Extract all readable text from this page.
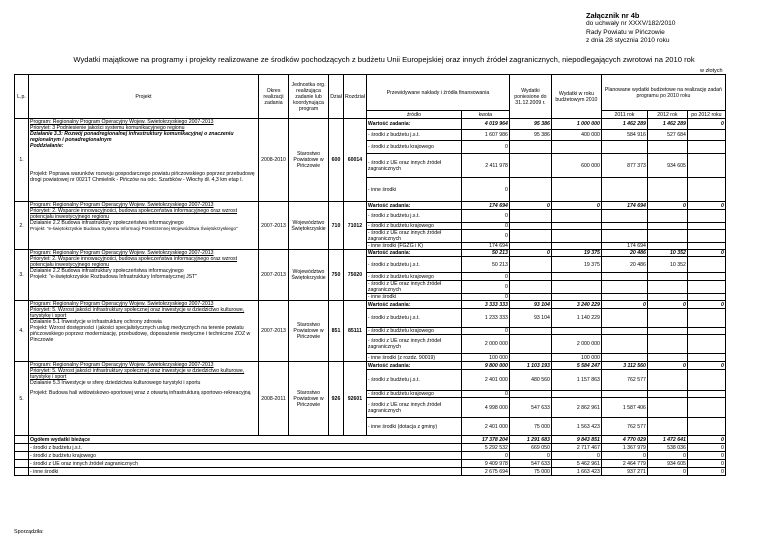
Załącznik nr 4b
do uchwały nr XXXV/182/2010
Rady Powiatu w Pińczowie
z dnia 28 stycznia 2010 roku
Wydatki majątkowe na programy i projekty realizowane ze środków pochodzących z budżetu Unii Europejskiej oraz innych źródeł zagranicznych, niepodlegających zwrotowi na 2010 rok
w złotych
L.p.	Projekt	Okres realizacji zadania	Jednostka org. realizująca zadanie lub koordynująca program	Dział	Rozdział	Przewidywane nakłady i źródła finansowania		Wydatki poniesione do 31.12.2009 r.	Wydatki w roku budżetowym 2010	Planowane wydatki budżetowe na realizację zadań programu po 2010 roku		
						źródło	kwota			2011 rok	2012 rok	po 2012 roku
1.	Program: Regionalny Program Operacyjny Wojew. Świetokrzyskiego 2007-2013
Priorytet: 3 Podniesienie jakości systemu komunikacyjnego regionu
Działanie 3.3: Rozwój ponadregionalnej infrastruktury komunikacyjnej o znaczeniu regionalnym i ponadregionalnym
Poddziałanie:
Projekt: Poprawa warunków rozwoju gospodarczego powiatu pińczowskiego poprzez przebudowę drogi powiatowej nr 0021T Chmielnik - Pińczów na odc. Szarbków - Włochy dł. 4,3 km etap I.	2008-2010	Starostwo Powiatowe w Pińczowie	600	60014	Wartość zadania:	4 019 964	95 386	1 000 000	1 462 289	1 462 289	0
						- środki z budżetu j.s.t.	1 607 986	95 386	400 000	584 916	527 684	
						- środki z budżetu krajowego	0					
						- środki z UE oraz innych źródeł zagranicznych	2 411 978		600 000	877 373	934 605	
						- inne środki	0					
2.	Program: Regionalny Program Operacyjny Wojew. Świetokrzyskiego 2007-2013
Priorytet: 2. Wsparcie innowacyjności, budowa społeczeństwa informacyjnego oraz wzrost potencjału inwestycyjnego regionu
Działanie 2.2 Budowa infrastruktury społeczeństwa informacyjnego
Projekt: "e-świętokrzyskie Budowa Systemu Informacji Przestrzennej Województwa Świętokrzyskiego"	2007-2013	Województwo Świętokrzyskie	710	71012	Wartość zadania:	174 694	0	0	174 694	0	0
						- środki z budżetu j.s.t.	0					
						- środki z budżetu krajowego	0					
						- środki z UE oraz innych źródeł zagranicznych	0					
						- inne środki (FGZG i K)	174 694			174 694		
3.	Program: Regionalny Program Operacyjny Wojew. Świetokrzyskiego 2007-2013
Priorytet: 2. Wsparcie innowacyjności, budowa społeczeństwa informacyjnego oraz wzrost potencjału inwestycyjnego regionu
Działanie 2.2 Budowa infrastruktury społeczeństwa informacyjnego
Projekt: "e-świętokrzyskie Rozbudowa Infrastruktury Informatycznej JST"	2007-2013	Województwo Świętokrzyskie	750	75020	Wartość zadania:	50 213	0	19 375	20 486	10 352	0
						- środki z budżetu j.s.t.	50 213		19 375	20 486	10 352	
						- środki z budżetu krajowego	0					
						- środki z UE oraz innych źródeł zagranicznych	0					
						- inne środki	0					
4.	Program: Regionalny Program Operacyjny Wojew. Świetokrzyskiego 2007-2013
Priorytet: 5. Wzrost jakości infrastruktury społecznej oraz inwestycje w dziedzictwo kulturowe, turystykę i sport
Działanie 5.1 Inwestycje w infrastrukturę ochrony zdrowia
Projekt: Wzrost dostępności i jakości specjalistycznych usług medycznych na terenie powiatu pińczowskiego poprzez modernizację, przebudowę, doposażenie medyczne i techniczne ZOZ w Pinczowie	2007-2013	Starostwo Powiatowe w Pińczowie	851	85111	Wartość zadania:	3 333 333	93 104	3 240 229	0	0	0
						- środki z budżetu j.s.t.	1 233 333	93 104	1 140 229			
						- środki z budżetu krajowego	0					
						- środki z UE oraz innych źródeł zagranicznych	2 000 000		2 000 000			
						- inne środki (z rozdz. 90019)	100 000		100 000			
5.	Program: Regionalny Program Operacyjny Wojew. Świetokrzyskiego 2007-2013
Priorytet: 5. Wzrost jakości infrastruktury społecznej oraz inwestycje w dziedzictwo kulturowe, turystykę i sport
Działanie 5.3 Inwestycje w sferę dziedzictwa kulturowego turystyki i sportu
Projekt: Budowa hali widowiskowo-sportowej wraz z otwartą infrastrukturą sportowo-rekreacyjną	2008-2011	Starostwo Powiatowe w Pińczowie	926	92601	Wartość zadania:	9 800 000	1 103 193	5 584 247	3 112 560	0	0
						- środki z budżetu j.s.t.	2 401 000	480 560	1 157 863	762 577		
						- środki z budżetu krajowego	0					
						- środki z UE oraz innych źródeł zagranicznych	4 998 000	547 633	2 862 961	1 587 406		
						- inne środki (dotacja z gminy)	2 401 000	75 000	1 563 423	762 577		
	Ogółem wydatki bieżące						17 378 204	1 291 683	9 843 851	4 770 029	1 472 641	0
	- środki z budżetu j.s.t.						5 292 532	669 050	2 717 467	1 367 979	538 036	0
	- środki z budżetu krajowego						0	0	0	0	0	0
	- środki z UE oraz innych źródeł zagranicznych						9 409 978	547 633	5 462 961	2 464 779	934 605	0
	- inne środki						2 675 694	75 000	1 663 423	937 271	0	0
Sporządziła:
